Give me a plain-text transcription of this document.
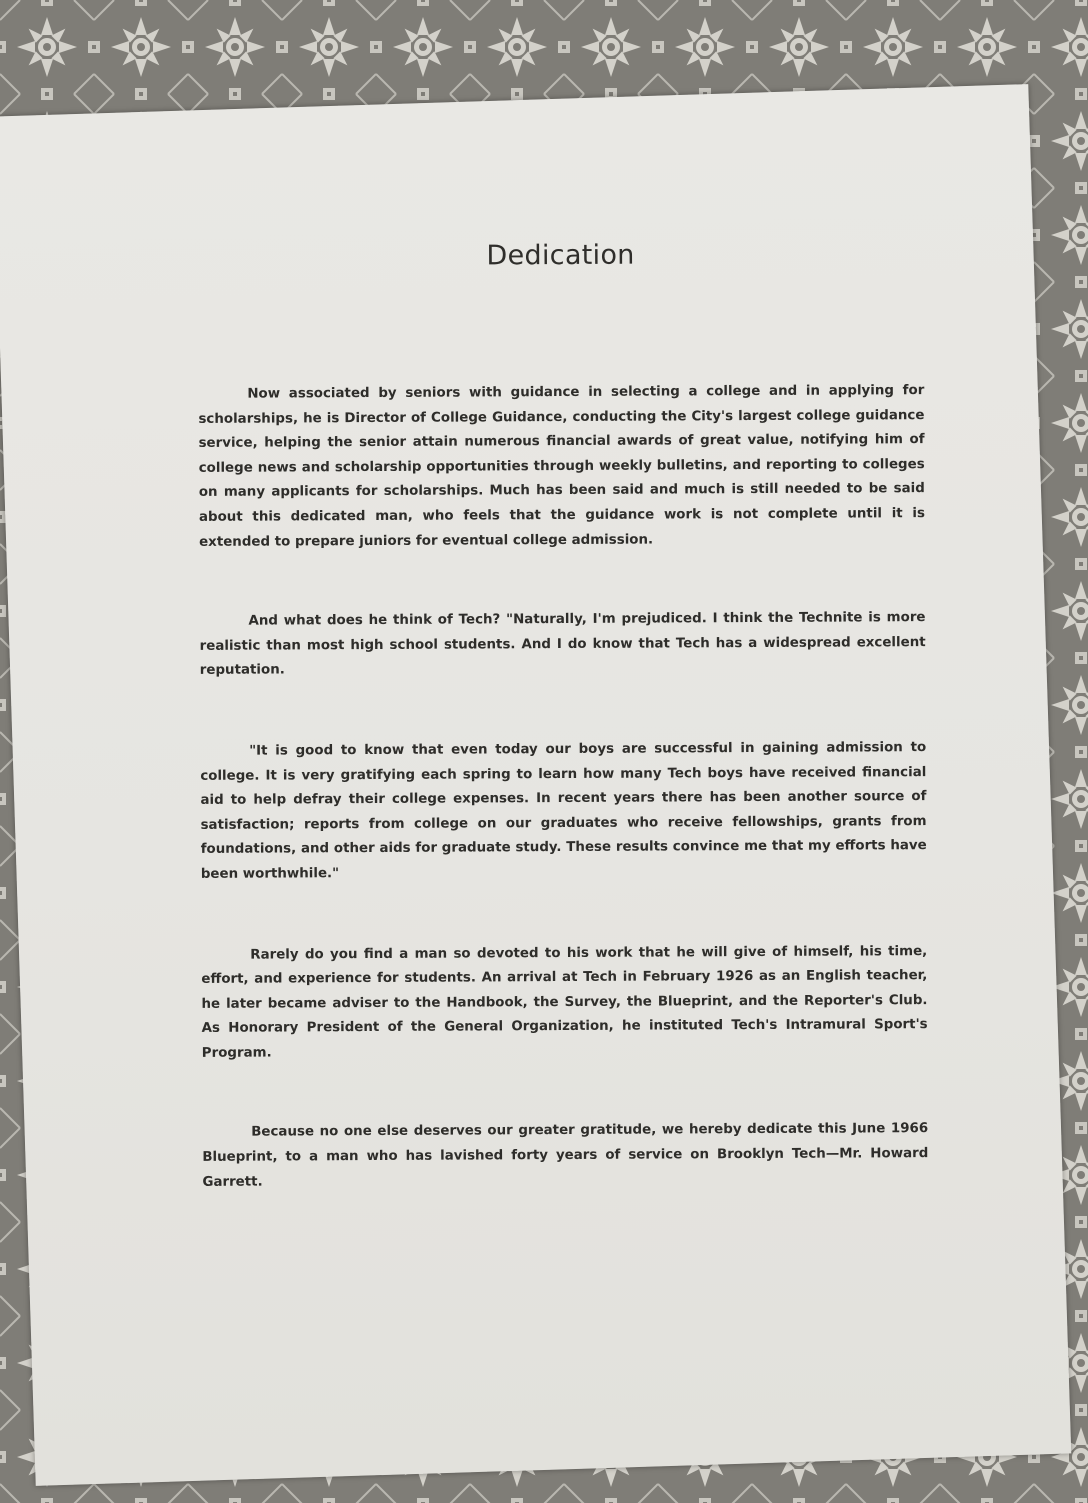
Dedication

Now associated by seniors with guidance in selecting a college and in applying for scholarships, he is Director of College Guidance, conducting the City's largest college guidance service, helping the senior attain numerous financial awards of great value, notifying him of college news and scholarship opportunities through weekly bulletins, and reporting to colleges on many applicants for scholarships. Much has been said and much is still needed to be said about this dedicated man, who feels that the guidance work is not complete until it is extended to prepare juniors for eventual college admission.

And what does he think of Tech? "Naturally, I'm prejudiced. I think the Technite is more realistic than most high school students. And I do know that Tech has a widespread excellent reputation.

"It is good to know that even today our boys are successful in gaining admission to college. It is very gratifying each spring to learn how many Tech boys have received financial aid to help defray their college expenses. In recent years there has been another source of satisfaction; reports from college on our graduates who receive fellowships, grants from foundations, and other aids for graduate study. These results convince me that my efforts have been worthwhile."

Rarely do you find a man so devoted to his work that he will give of himself, his time, effort, and experience for students. An arrival at Tech in February 1926 as an English teacher, he later became adviser to the Handbook, the Survey, the Blueprint, and the Reporter's Club. As Honorary President of the General Organization, he instituted Tech's Intramural Sport's Program.

Because no one else deserves our greater gratitude, we hereby dedicate this June 1966 Blueprint, to a man who has lavished forty years of service on Brooklyn Tech—Mr. Howard Garrett.
